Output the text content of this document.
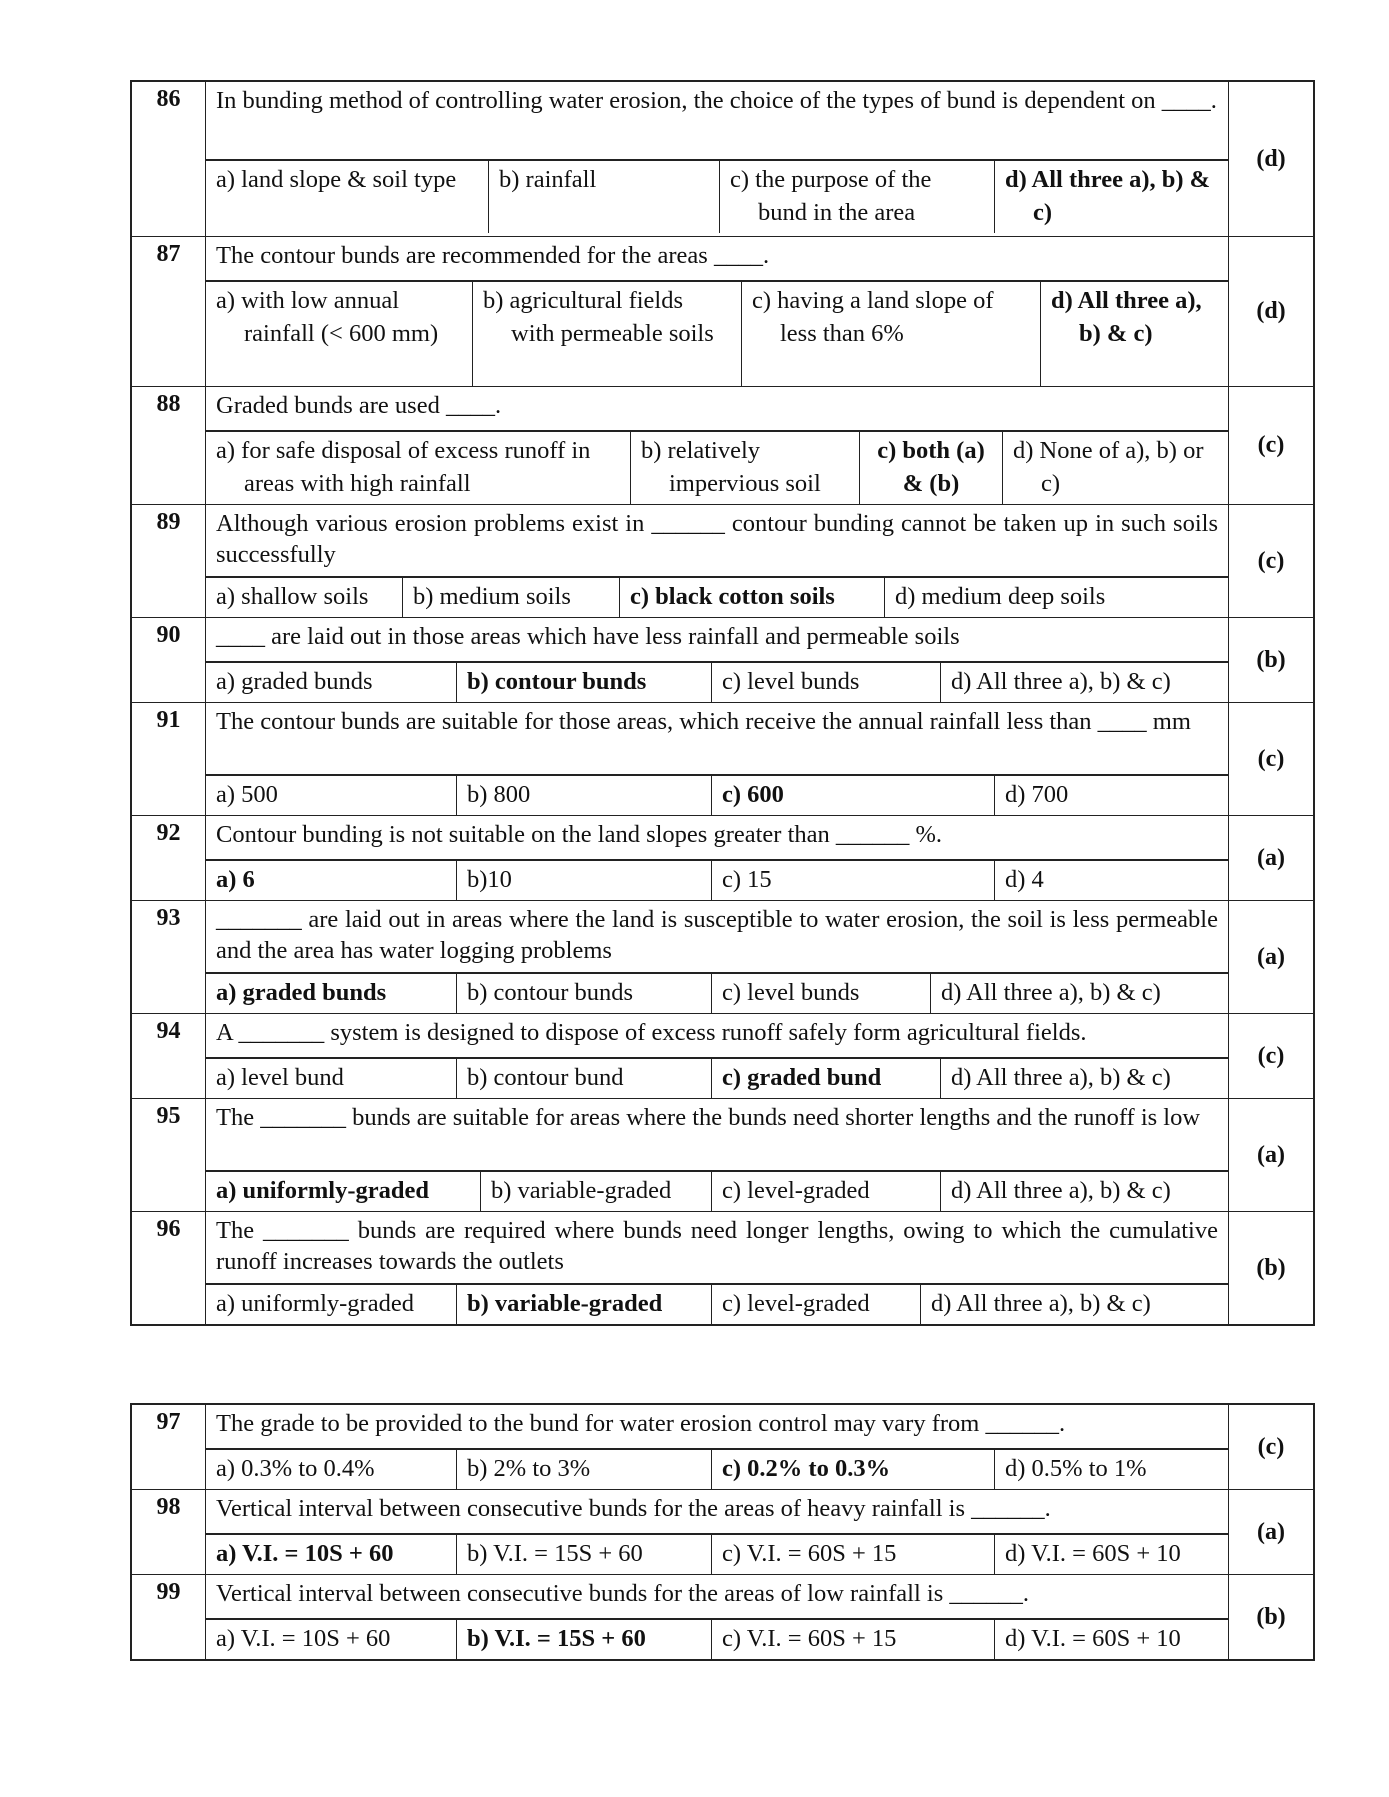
86	In bunding method of controlling water erosion, the choice of the types of bund is dependent on ____.	(d)

a) land slope & soil type	b) rainfall	c) the purpose of the bund in the area	d) All three a), b) & c)

87	The contour bunds are recommended for the areas ____.	(d)

a) with low annual rainfall (< 600 mm)	b) agricultural fields with permeable soils	c) having a land slope of less than 6%	d) All three a), b) & c)

88	Graded bunds are used ____.	(c)

a) for safe disposal of excess runoff in areas with high rainfall	b) relatively impervious soil	c) both (a) & (b)	d) None of a), b) or c)

89	Although various erosion problems exist in ______ contour bunding cannot be taken up in such soils successfully	(c)

a) shallow soils	b) medium soils	c) black cotton soils	d) medium deep soils

90	____ are laid out in those areas which have less rainfall and permeable soils	(b)

a) graded bunds	b) contour bunds	c) level bunds	d) All three a), b) & c)

91	The contour bunds are suitable for those areas, which receive the annual rainfall less than ____ mm	(c)

a) 500	b) 800	c) 600	d) 700

92	Contour bunding is not suitable on the land slopes greater than ______ %.	(a)

a) 6	b)10	c) 15	d) 4

93	_______ are laid out in areas where the land is susceptible to water erosion, the soil is less permeable and the area has water logging problems	(a)

a) graded bunds	b) contour bunds	c) level bunds	d) All three a), b) & c)

94	A _______ system is designed to dispose of excess runoff safely form agricultural fields.	(c)

a) level bund	b) contour bund	c) graded bund	d) All three a), b) & c)

95	The _______ bunds are suitable for areas where the bunds need shorter lengths and the runoff is low	(a)

a) uniformly-graded	b) variable-graded	c) level-graded	d) All three a), b) & c)

96	The _______ bunds are required where bunds need longer lengths, owing to which the cumulative runoff increases towards the outlets	(b)

a) uniformly-graded	b) variable-graded	c) level-graded	d) All three a), b) & c)
97	The grade to be provided to the bund for water erosion control may vary from ______.	(c)

a) 0.3% to 0.4%	b) 2% to 3%	c) 0.2% to 0.3%	d) 0.5% to 1%

98	Vertical interval between consecutive bunds for the areas of heavy rainfall is ______.	(a)

a) V.I. = 10S + 60	b) V.I. = 15S + 60	c) V.I. = 60S + 15	d) V.I. = 60S + 10

99	Vertical interval between consecutive bunds for the areas of low rainfall is ______.	(b)

a) V.I. = 10S + 60	b) V.I. = 15S + 60	c) V.I. = 60S + 15	d) V.I. = 60S + 10
